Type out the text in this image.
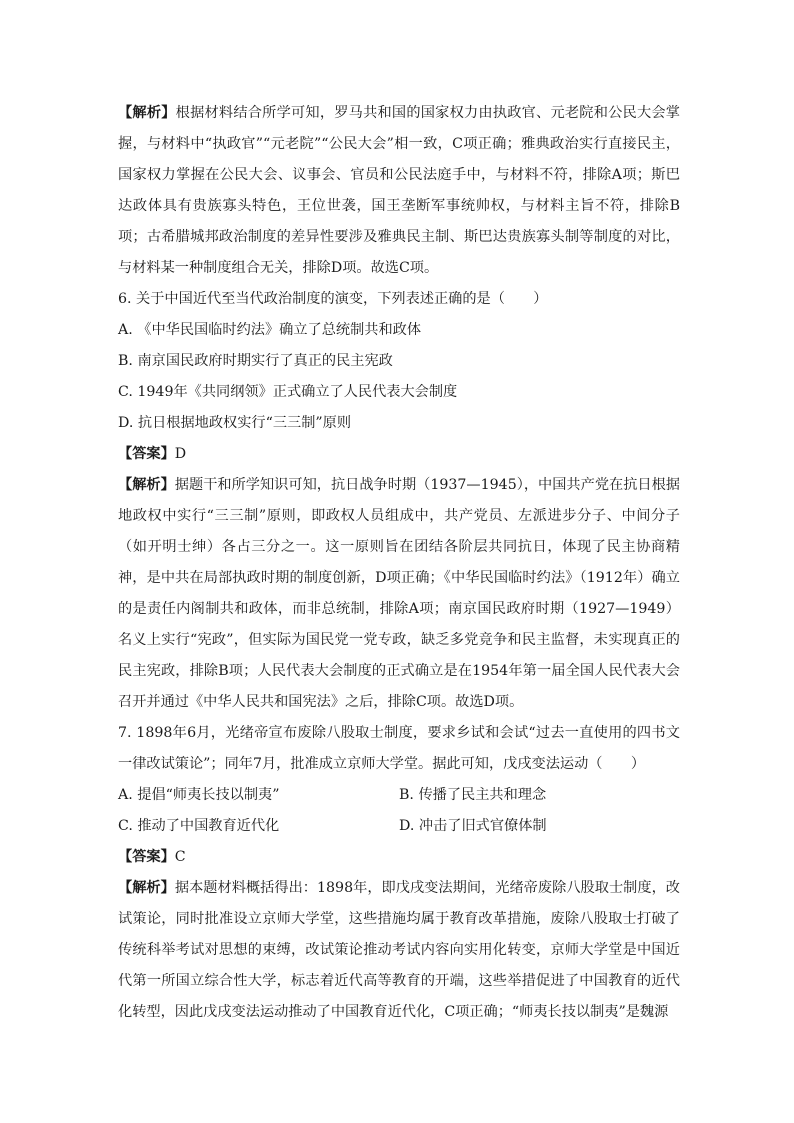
【解析】根据材料结合所学可知，罗马共和国的国家权力由执政官、元老院和公民大会掌握，与材料中“执政官”“元老院”“公民大会”相一致，C项正确；雅典政治实行直接民主，国家权力掌握在公民大会、议事会、官员和公民法庭手中，与材料不符，排除A项；斯巴达政体具有贵族寡头特色，王位世袭，国王垄断军事统帅权，与材料主旨不符，排除B项；古希腊城邦政治制度的差异性要涉及雅典民主制、斯巴达贵族寡头制等制度的对比，与材料某一种制度组合无关，排除D项。故选C项。

6. 关于中国近代至当代政治制度的演变，下列表述正确的是（　　）

A. 《中华民国临时约法》确立了总统制共和政体

B. 南京国民政府时期实行了真正的民主宪政

C. 1949年《共同纲领》正式确立了人民代表大会制度

D. 抗日根据地政权实行“三三制”原则

【答案】D

【解析】据题干和所学知识可知，抗日战争时期（1937—1945），中国共产党在抗日根据地政权中实行“三三制”原则，即政权人员组成中，共产党员、左派进步分子、中间分子（如开明士绅）各占三分之一。这一原则旨在团结各阶层共同抗日，体现了民主协商精神，是中共在局部执政时期的制度创新，D项正确；《中华民国临时约法》（1912年）确立的是责任内阁制共和政体，而非总统制，排除A项；南京国民政府时期（1927—1949）名义上实行“宪政”，但实际为国民党一党专政，缺乏多党竞争和民主监督，未实现真正的民主宪政，排除B项；人民代表大会制度的正式确立是在1954年第一届全国人民代表大会召开并通过《中华人民共和国宪法》之后，排除C项。故选D项。

7. 1898年6月，光绪帝宣布废除八股取士制度，要求乡试和会试“过去一直使用的四书文一律改试策论”；同年7月，批准成立京师大学堂。据此可知，戊戌变法运动（　　）

A. 提倡“师夷长技以制夷”	B. 传播了民主共和理念
C. 推动了中国教育近代化	D. 冲击了旧式官僚体制

【答案】C

【解析】据本题材料概括得出：1898年，即戊戌变法期间，光绪帝废除八股取士制度，改试策论，同时批准设立京师大学堂，这些措施均属于教育改革措施，废除八股取士打破了传统科举考试对思想的束缚，改试策论推动考试内容向实用化转变，京师大学堂是中国近代第一所国立综合性大学，标志着近代高等教育的开端，这些举措促进了中国教育的近代化转型，因此戊戌变法运动推动了中国教育近代化，C项正确；“师夷长技以制夷”是魏源
